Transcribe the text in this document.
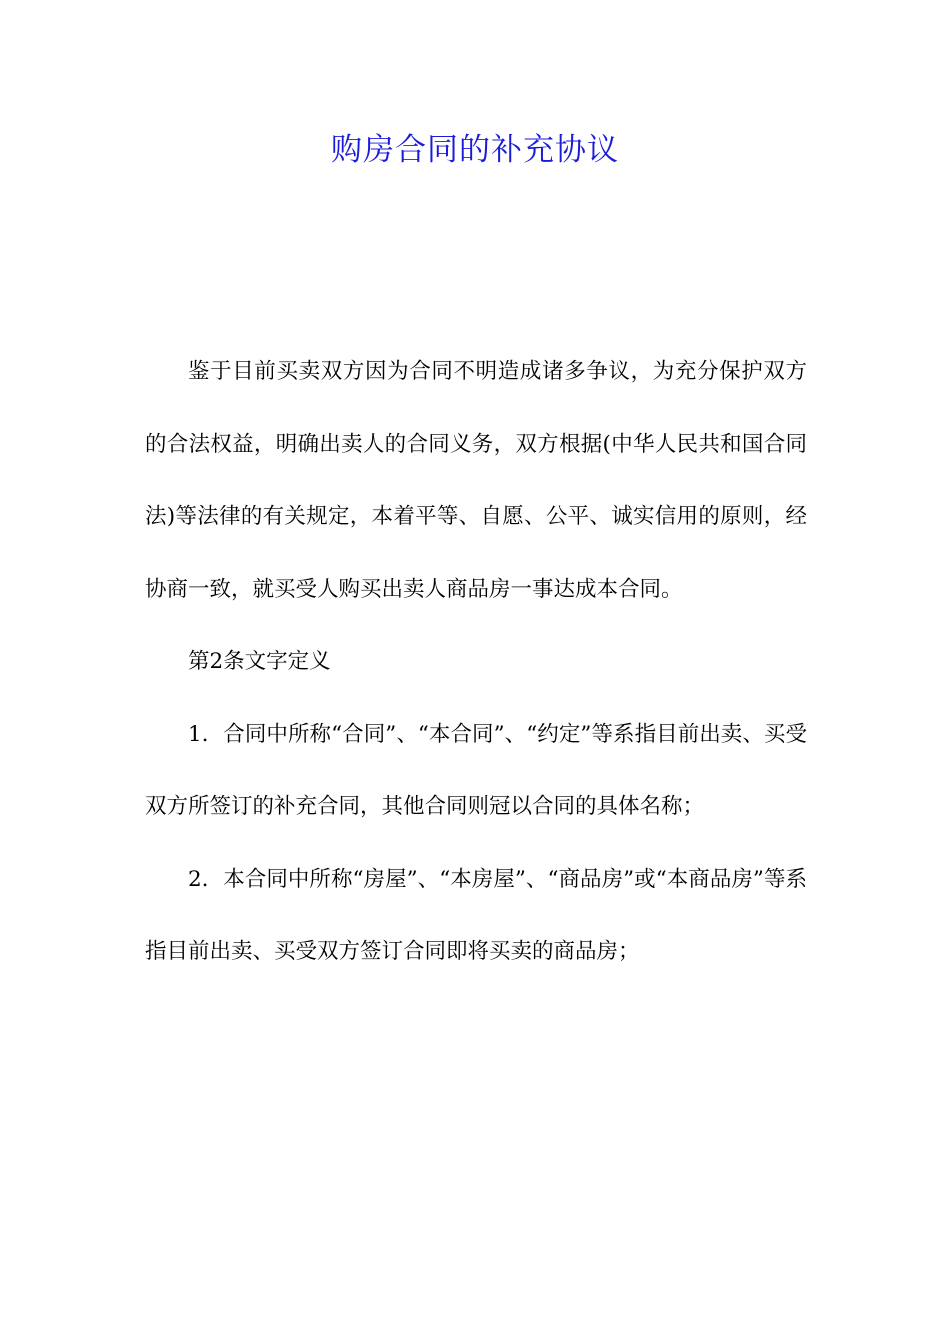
购房合同的补充协议

鉴于目前买卖双方因为合同不明造成诸多争议，为充分保护双方的合法权益，明确出卖人的合同义务，双方根据(中华人民共和国合同法)等法律的有关规定，本着平等、自愿、公平、诚实信用的原则，经协商一致，就买受人购买出卖人商品房一事达成本合同。

第2条文字定义

1．合同中所称“合同”、“本合同”、“约定”等系指目前出卖、买受双方所签订的补充合同，其他合同则冠以合同的具体名称；

2．本合同中所称“房屋”、“本房屋”、“商品房”或“本商品房”等系指目前出卖、买受双方签订合同即将买卖的商品房；
